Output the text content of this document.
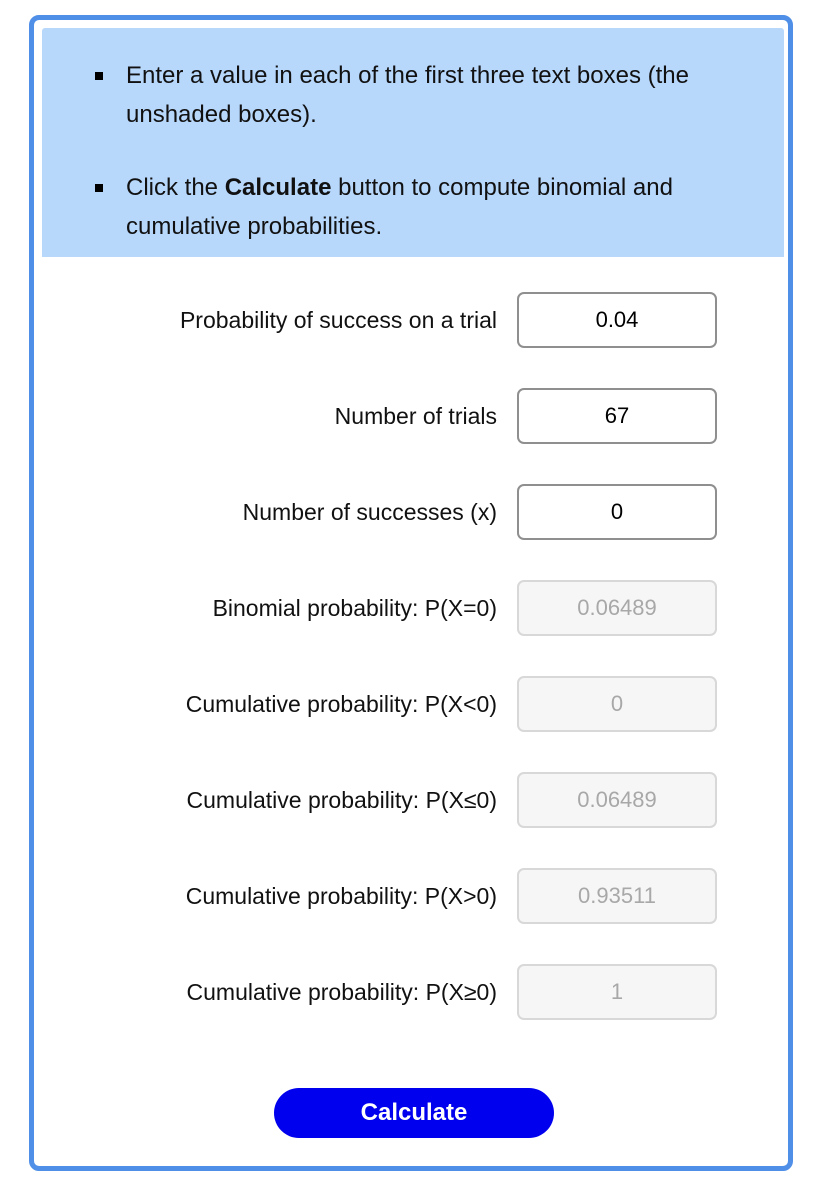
Enter a value in each of the first three text boxes (the unshaded boxes).
Click the Calculate button to compute binomial and cumulative probabilities.
Probability of success on a trial
0.04
Number of trials
67
Number of successes (x)
0
Binomial probability: P(X=0)
0.06489
Cumulative probability: P(X<0)
0
Cumulative probability: P(X≤0)
0.06489
Cumulative probability: P(X>0)
0.93511
Cumulative probability: P(X≥0)
1
Calculate
